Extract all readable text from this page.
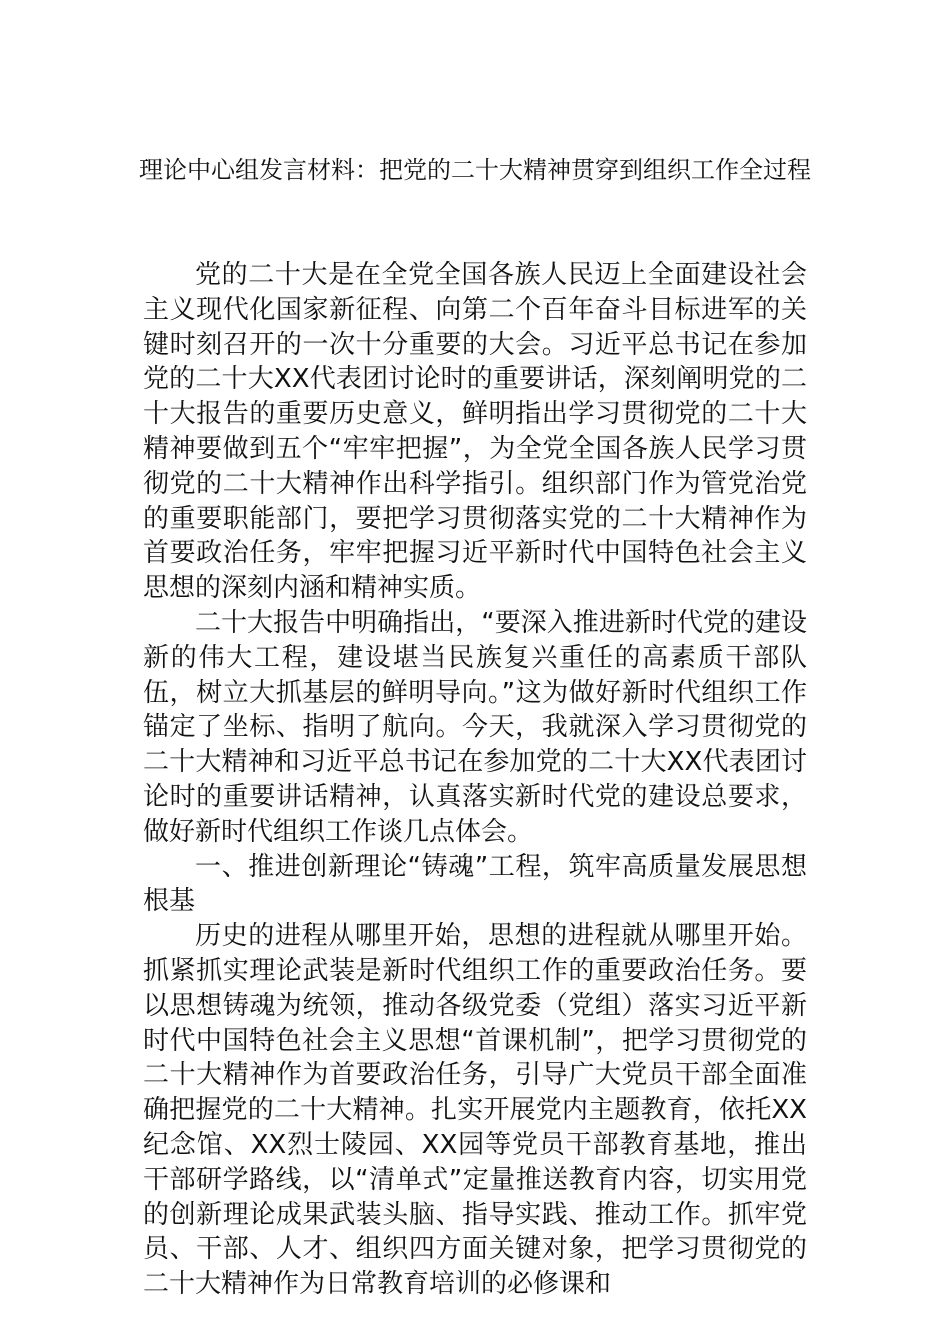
理论中心组发言材料：把党的二十大精神贯穿到组织工作全过程

党的二十大是在全党全国各族人民迈上全面建设社会主义现代化国家新征程、向第二个百年奋斗目标进军的关键时刻召开的一次十分重要的大会。习近平总书记在参加党的二十大XX代表团讨论时的重要讲话，深刻阐明党的二十大报告的重要历史意义，鲜明指出学习贯彻党的二十大精神要做到五个“牢牢把握”，为全党全国各族人民学习贯彻党的二十大精神作出科学指引。组织部门作为管党治党的重要职能部门，要把学习贯彻落实党的二十大精神作为首要政治任务，牢牢把握习近平新时代中国特色社会主义思想的深刻内涵和精神实质。

二十大报告中明确指出，“要深入推进新时代党的建设新的伟大工程，建设堪当民族复兴重任的高素质干部队伍，树立大抓基层的鲜明导向。”这为做好新时代组织工作锚定了坐标、指明了航向。今天，我就深入学习贯彻党的二十大精神和习近平总书记在参加党的二十大XX代表团讨论时的重要讲话精神，认真落实新时代党的建设总要求，做好新时代组织工作谈几点体会。

一、推进创新理论“铸魂”工程，筑牢高质量发展思想根基

历史的进程从哪里开始，思想的进程就从哪里开始。抓紧抓实理论武装是新时代组织工作的重要政治任务。要以思想铸魂为统领，推动各级党委（党组）落实习近平新时代中国特色社会主义思想“首课机制”，把学习贯彻党的二十大精神作为首要政治任务，引导广大党员干部全面准确把握党的二十大精神。扎实开展党内主题教育，依托XX纪念馆、XX烈士陵园、XX园等党员干部教育基地，推出干部研学路线，以“清单式”定量推送教育内容，切实用党的创新理论成果武装头脑、指导实践、推动工作。抓牢党员、干部、人才、组织四方面关键对象，把学习贯彻党的二十大精神作为日常教育培训的必修课和
